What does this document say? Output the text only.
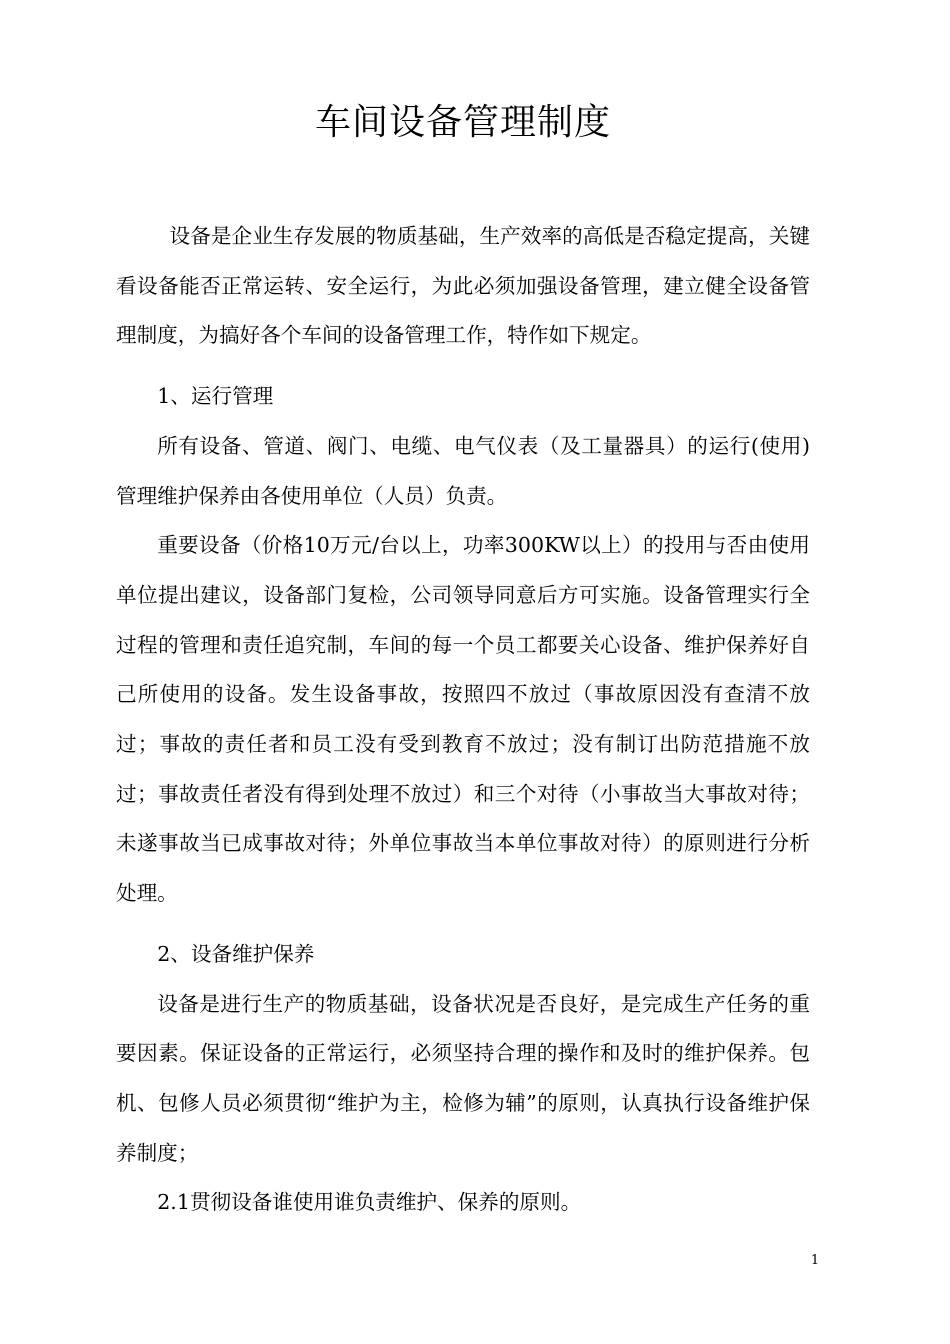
车间设备管理制度

设备是企业生存发展的物质基础，生产效率的高低是否稳定提高，关键看设备能否正常运转、安全运行，为此必须加强设备管理，建立健全设备管理制度，为搞好各个车间的设备管理工作，特作如下规定。

1、运行管理

所有设备、管道、阀门、电缆、电气仪表（及工量器具）的运行(使用)管理维护保养由各使用单位（人员）负责。

重要设备（价格10万元/台以上，功率300KW以上）的投用与否由使用单位提出建议，设备部门复检，公司领导同意后方可实施。设备管理实行全过程的管理和责任追究制，车间的每一个员工都要关心设备、维护保养好自己所使用的设备。发生设备事故，按照四不放过（事故原因没有查清不放过；事故的责任者和员工没有受到教育不放过；没有制订出防范措施不放过；事故责任者没有得到处理不放过）和三个对待（小事故当大事故对待；未遂事故当已成事故对待；外单位事故当本单位事故对待）的原则进行分析处理。

2、设备维护保养

设备是进行生产的物质基础，设备状况是否良好，是完成生产任务的重要因素。保证设备的正常运行，必须坚持合理的操作和及时的维护保养。包机、包修人员必须贯彻“维护为主，检修为辅”的原则，认真执行设备维护保养制度；

2.1贯彻设备谁使用谁负责维护、保养的原则。

1
